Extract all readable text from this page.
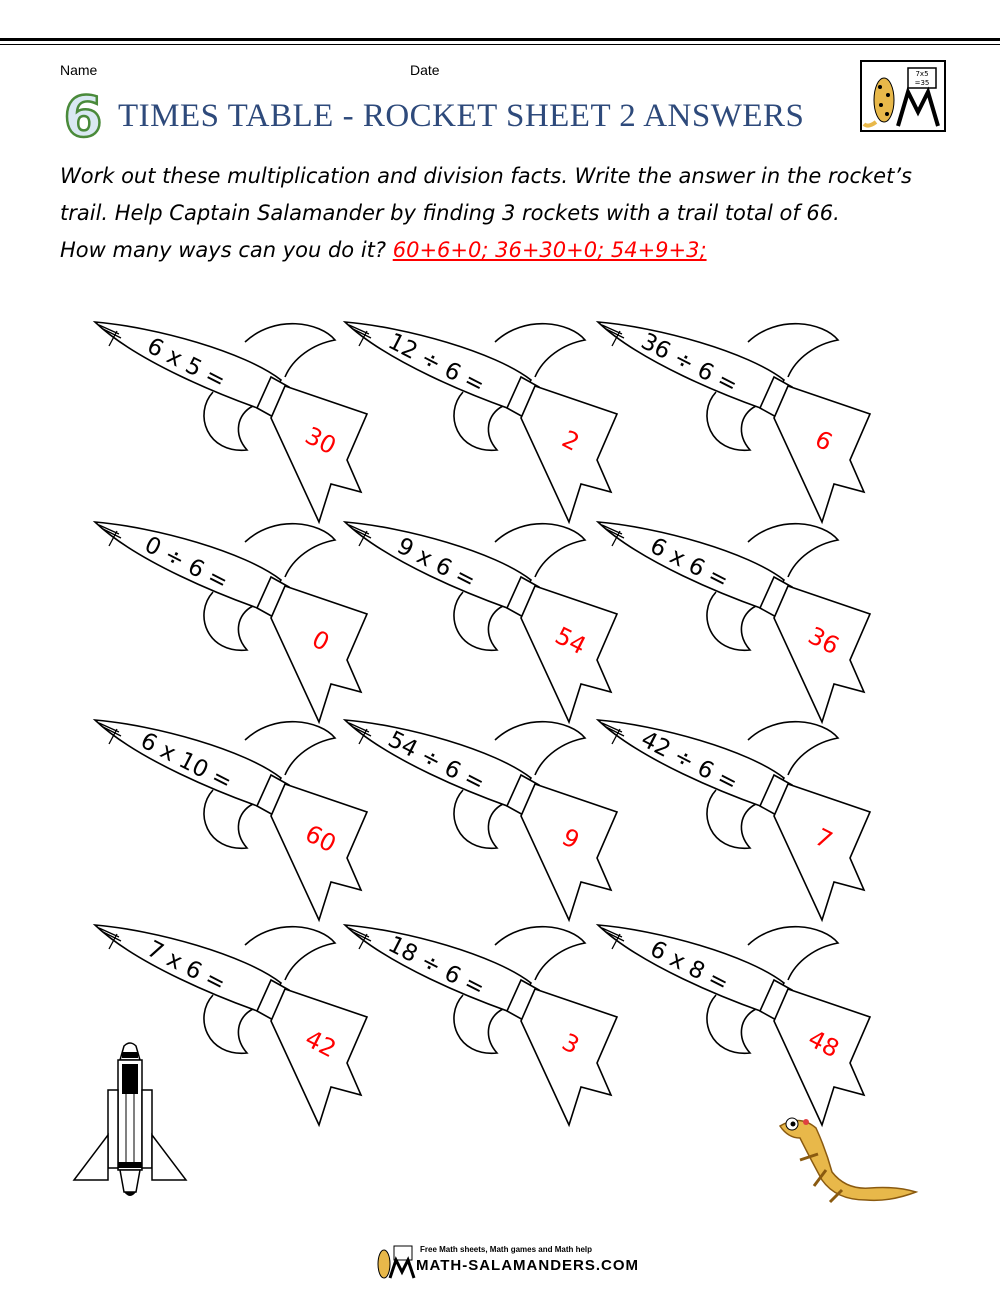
Name	Date
6 TIMES TABLE - ROCKET SHEET 2 ANSWERS
7x5
=35
Work out these multiplication and division facts. Write the answer in the rocket’s
trail. Help Captain Salamander by finding 3 rockets with a trail total of 66.
How many ways can you do it? 60+6+0; 36+30+0; 54+9+3;
6 x 5 =
30
12 ÷ 6 =
2
36 ÷ 6 =
6
0 ÷ 6 =
0
9 x 6 =
54
6 x 6 =
36
6 x 10 =
60
54 ÷ 6 =
9
42 ÷ 6 =
7
7 x 6 =
42
18 ÷ 6 =
3
6 x 8 =
48
Free Math sheets, Math games and Math help
MATH-SALAMANDERS.COM
